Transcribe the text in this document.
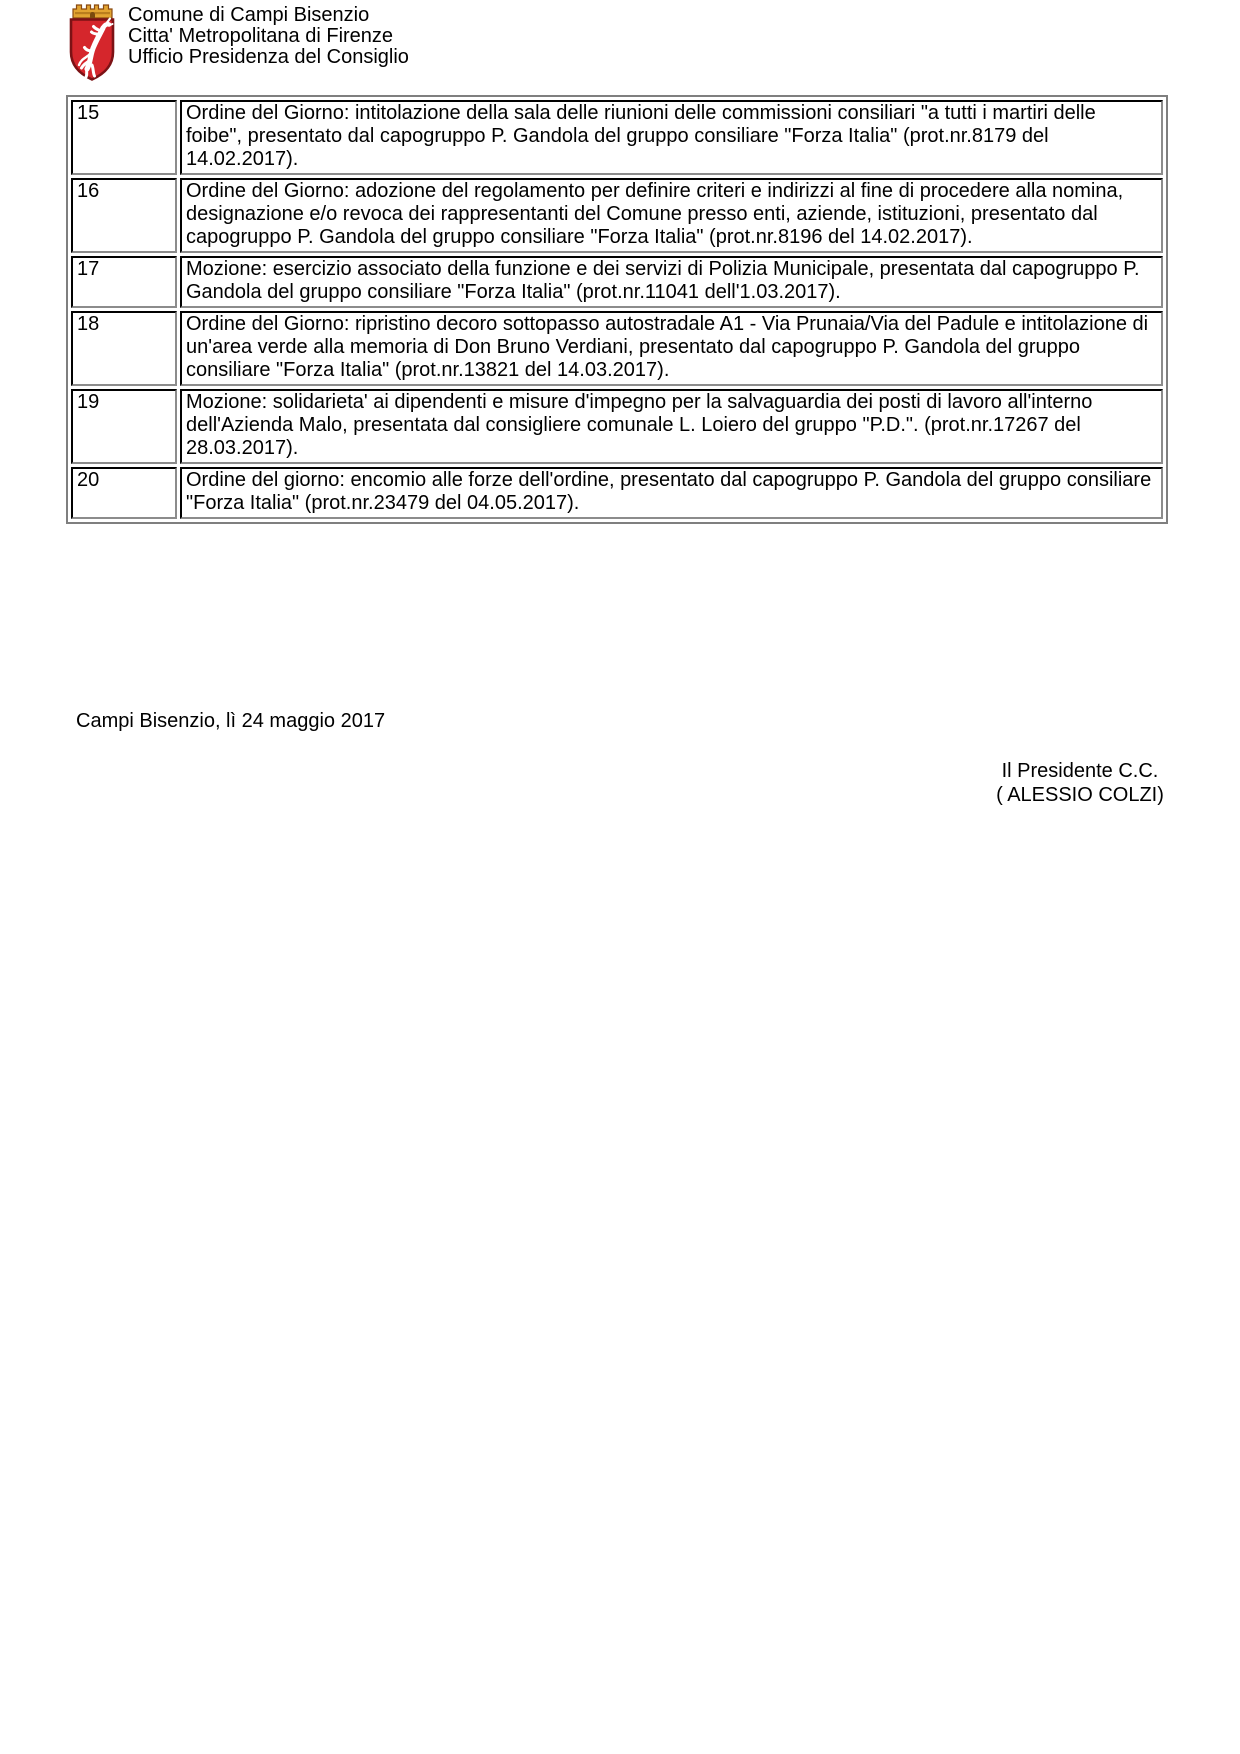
Comune di Campi Bisenzio
Citta' Metropolitana di Firenze
Ufficio Presidenza del Consiglio
15	Ordine del Giorno: intitolazione della sala delle riunioni delle commissioni consiliari "a tutti i martiri delle foibe", presentato dal capogruppo P. Gandola del gruppo consiliare "Forza Italia" (prot.nr.8179 del 14.02.2017).
16	Ordine del Giorno: adozione del regolamento per definire criteri e indirizzi al fine di procedere alla nomina, designazione e/o revoca dei rappresentanti del Comune presso enti, aziende, istituzioni, presentato dal capogruppo P. Gandola del gruppo consiliare "Forza Italia" (prot.nr.8196 del 14.02.2017).
17	Mozione: esercizio associato della funzione e dei servizi di Polizia Municipale, presentata dal capogruppo P. Gandola del gruppo consiliare "Forza Italia" (prot.nr.11041 dell'1.03.2017).
18	Ordine del Giorno: ripristino decoro sottopasso autostradale A1 - Via Prunaia/Via del Padule e intitolazione di un'area verde alla memoria di Don Bruno Verdiani, presentato dal capogruppo P. Gandola del gruppo consiliare "Forza Italia" (prot.nr.13821 del 14.03.2017).
19	Mozione: solidarieta' ai dipendenti e misure d'impegno per la salvaguardia dei posti di lavoro all'interno dell'Azienda Malo, presentata dal consigliere comunale L. Loiero del gruppo "P.D.". (prot.nr.17267 del 28.03.2017).
20	Ordine del giorno: encomio alle forze dell'ordine, presentato dal capogruppo P. Gandola del gruppo consiliare "Forza Italia" (prot.nr.23479 del 04.05.2017).
Campi Bisenzio, lì 24 maggio 2017
Il Presidente C.C.
( ALESSIO COLZI)
